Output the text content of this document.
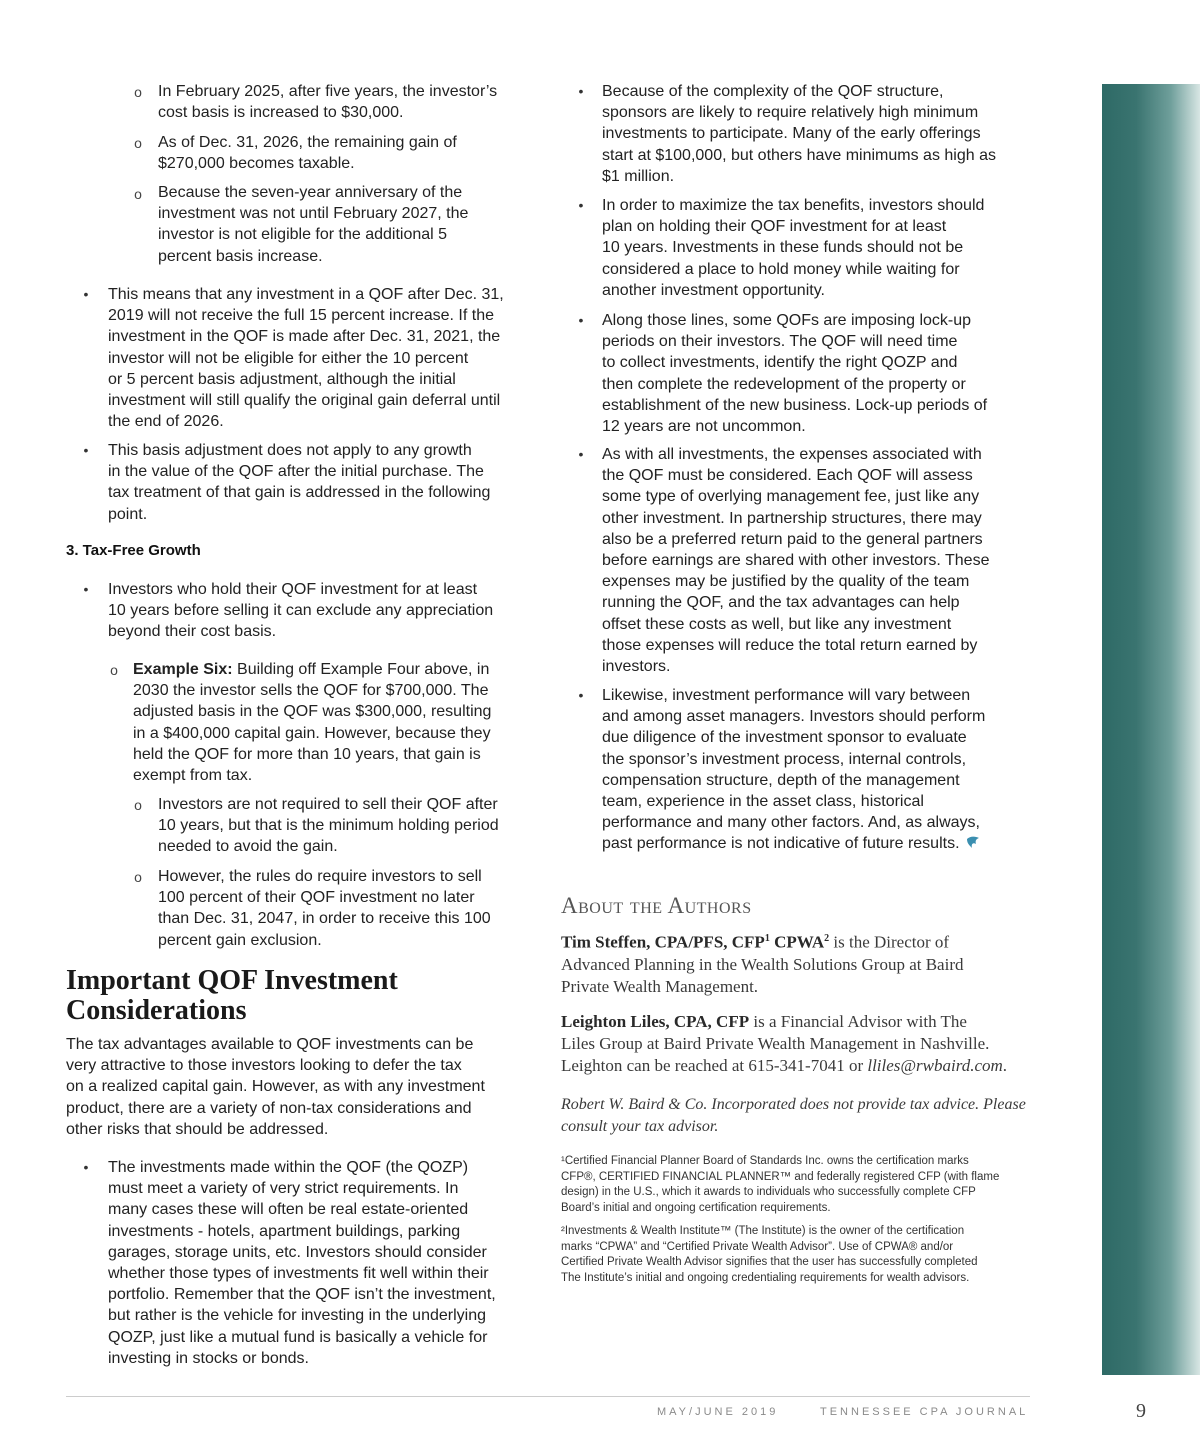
o In February 2025, after five years, the investor’s
cost basis is increased to $30,000.

o As of Dec. 31, 2026, the remaining gain of
$270,000 becomes taxable.

o Because the seven-year anniversary of the
investment was not until February 2027, the
investor is not eligible for the additional 5
percent basis increase.

• This means that any investment in a QOF after Dec. 31,
2019 will not receive the full 15 percent increase. If the
investment in the QOF is made after Dec. 31, 2021, the
investor will not be eligible for either the 10 percent
or 5 percent basis adjustment, although the initial
investment will still qualify the original gain deferral until
the end of 2026.

• This basis adjustment does not apply to any growth
in the value of the QOF after the initial purchase. The
tax treatment of that gain is addressed in the following
point.

3. Tax-Free Growth
• Investors who hold their QOF investment for at least
10 years before selling it can exclude any appreciation
beyond their cost basis.

o Example Six: Building off Example Four above, in
2030 the investor sells the QOF for $700,000. The
adjusted basis in the QOF was $300,000, resulting
in a $400,000 capital gain. However, because they
held the QOF for more than 10 years, that gain is
exempt from tax.

o Investors are not required to sell their QOF after
10 years, but that is the minimum holding period
needed to avoid the gain.

o However, the rules do require investors to sell
100 percent of their QOF investment no later
than Dec. 31, 2047, in order to receive this 100
percent gain exclusion.

Important QOF Investment
Considerations

The tax advantages available to QOF investments can be
very attractive to those investors looking to defer the tax
on a realized capital gain. However, as with any investment
product, there are a variety of non-tax considerations and
other risks that should be addressed.

• The investments made within the QOF (the QOZP)
must meet a variety of very strict requirements. In
many cases these will often be real estate-oriented
investments - hotels, apartment buildings, parking
garages, storage units, etc. Investors should consider
whether those types of investments fit well within their
portfolio. Remember that the QOF isn’t the investment,
but rather is the vehicle for investing in the underlying
QOZP, just like a mutual fund is basically a vehicle for
investing in stocks or bonds.

• Because of the complexity of the QOF structure,
sponsors are likely to require relatively high minimum
investments to participate. Many of the early offerings
start at $100,000, but others have minimums as high as
$1 million.

• In order to maximize the tax benefits, investors should
plan on holding their QOF investment for at least
10 years. Investments in these funds should not be
considered a place to hold money while waiting for
another investment opportunity.

• Along those lines, some QOFs are imposing lock-up
periods on their investors. The QOF will need time
to collect investments, identify the right QOZP and
then complete the redevelopment of the property or
establishment of the new business. Lock-up periods of
12 years are not uncommon.

• As with all investments, the expenses associated with
the QOF must be considered. Each QOF will assess
some type of overlying management fee, just like any
other investment. In partnership structures, there may
also be a preferred return paid to the general partners
before earnings are shared with other investors. These
expenses may be justified by the quality of the team
running the QOF, and the tax advantages can help
offset these costs as well, but like any investment
those expenses will reduce the total return earned by
investors.

• Likewise, investment performance will vary between
and among asset managers. Investors should perform
due diligence of the investment sponsor to evaluate
the sponsor’s investment process, internal controls,
compensation structure, depth of the management
team, experience in the asset class, historical
performance and many other factors. And, as always,
past performance is not indicative of future results.

About the Authors

Tim Steffen, CPA/PFS, CFP$^1$ CPWA$^2$ is the Director of
Advanced Planning in the Wealth Solutions Group at Baird
Private Wealth Management.

Leighton Liles, CPA, CFP is a Financial Advisor with The
Liles Group at Baird Private Wealth Management in Nashville.
Leighton can be reached at 615-341-7041 or lliles@rwbaird.com.

Robert W. Baird & Co. Incorporated does not provide tax advice. Please
consult your tax advisor.

¹Certified Financial Planner Board of Standards Inc. owns the certification marks
CFP®, CERTIFIED FINANCIAL PLANNER™ and federally registered CFP (with flame
design) in the U.S., which it awards to individuals who successfully complete CFP
Board’s initial and ongoing certification requirements.

²Investments & Wealth Institute™ (The Institute) is the owner of the certification
marks “CPWA” and “Certified Private Wealth Advisor”. Use of CPWA® and/or
Certified Private Wealth Advisor signifies that the user has successfully completed
The Institute’s initial and ongoing credentialing requirements for wealth advisors.

MAY/JUNE 2019	TENNESSEE CPA JOURNAL	9
